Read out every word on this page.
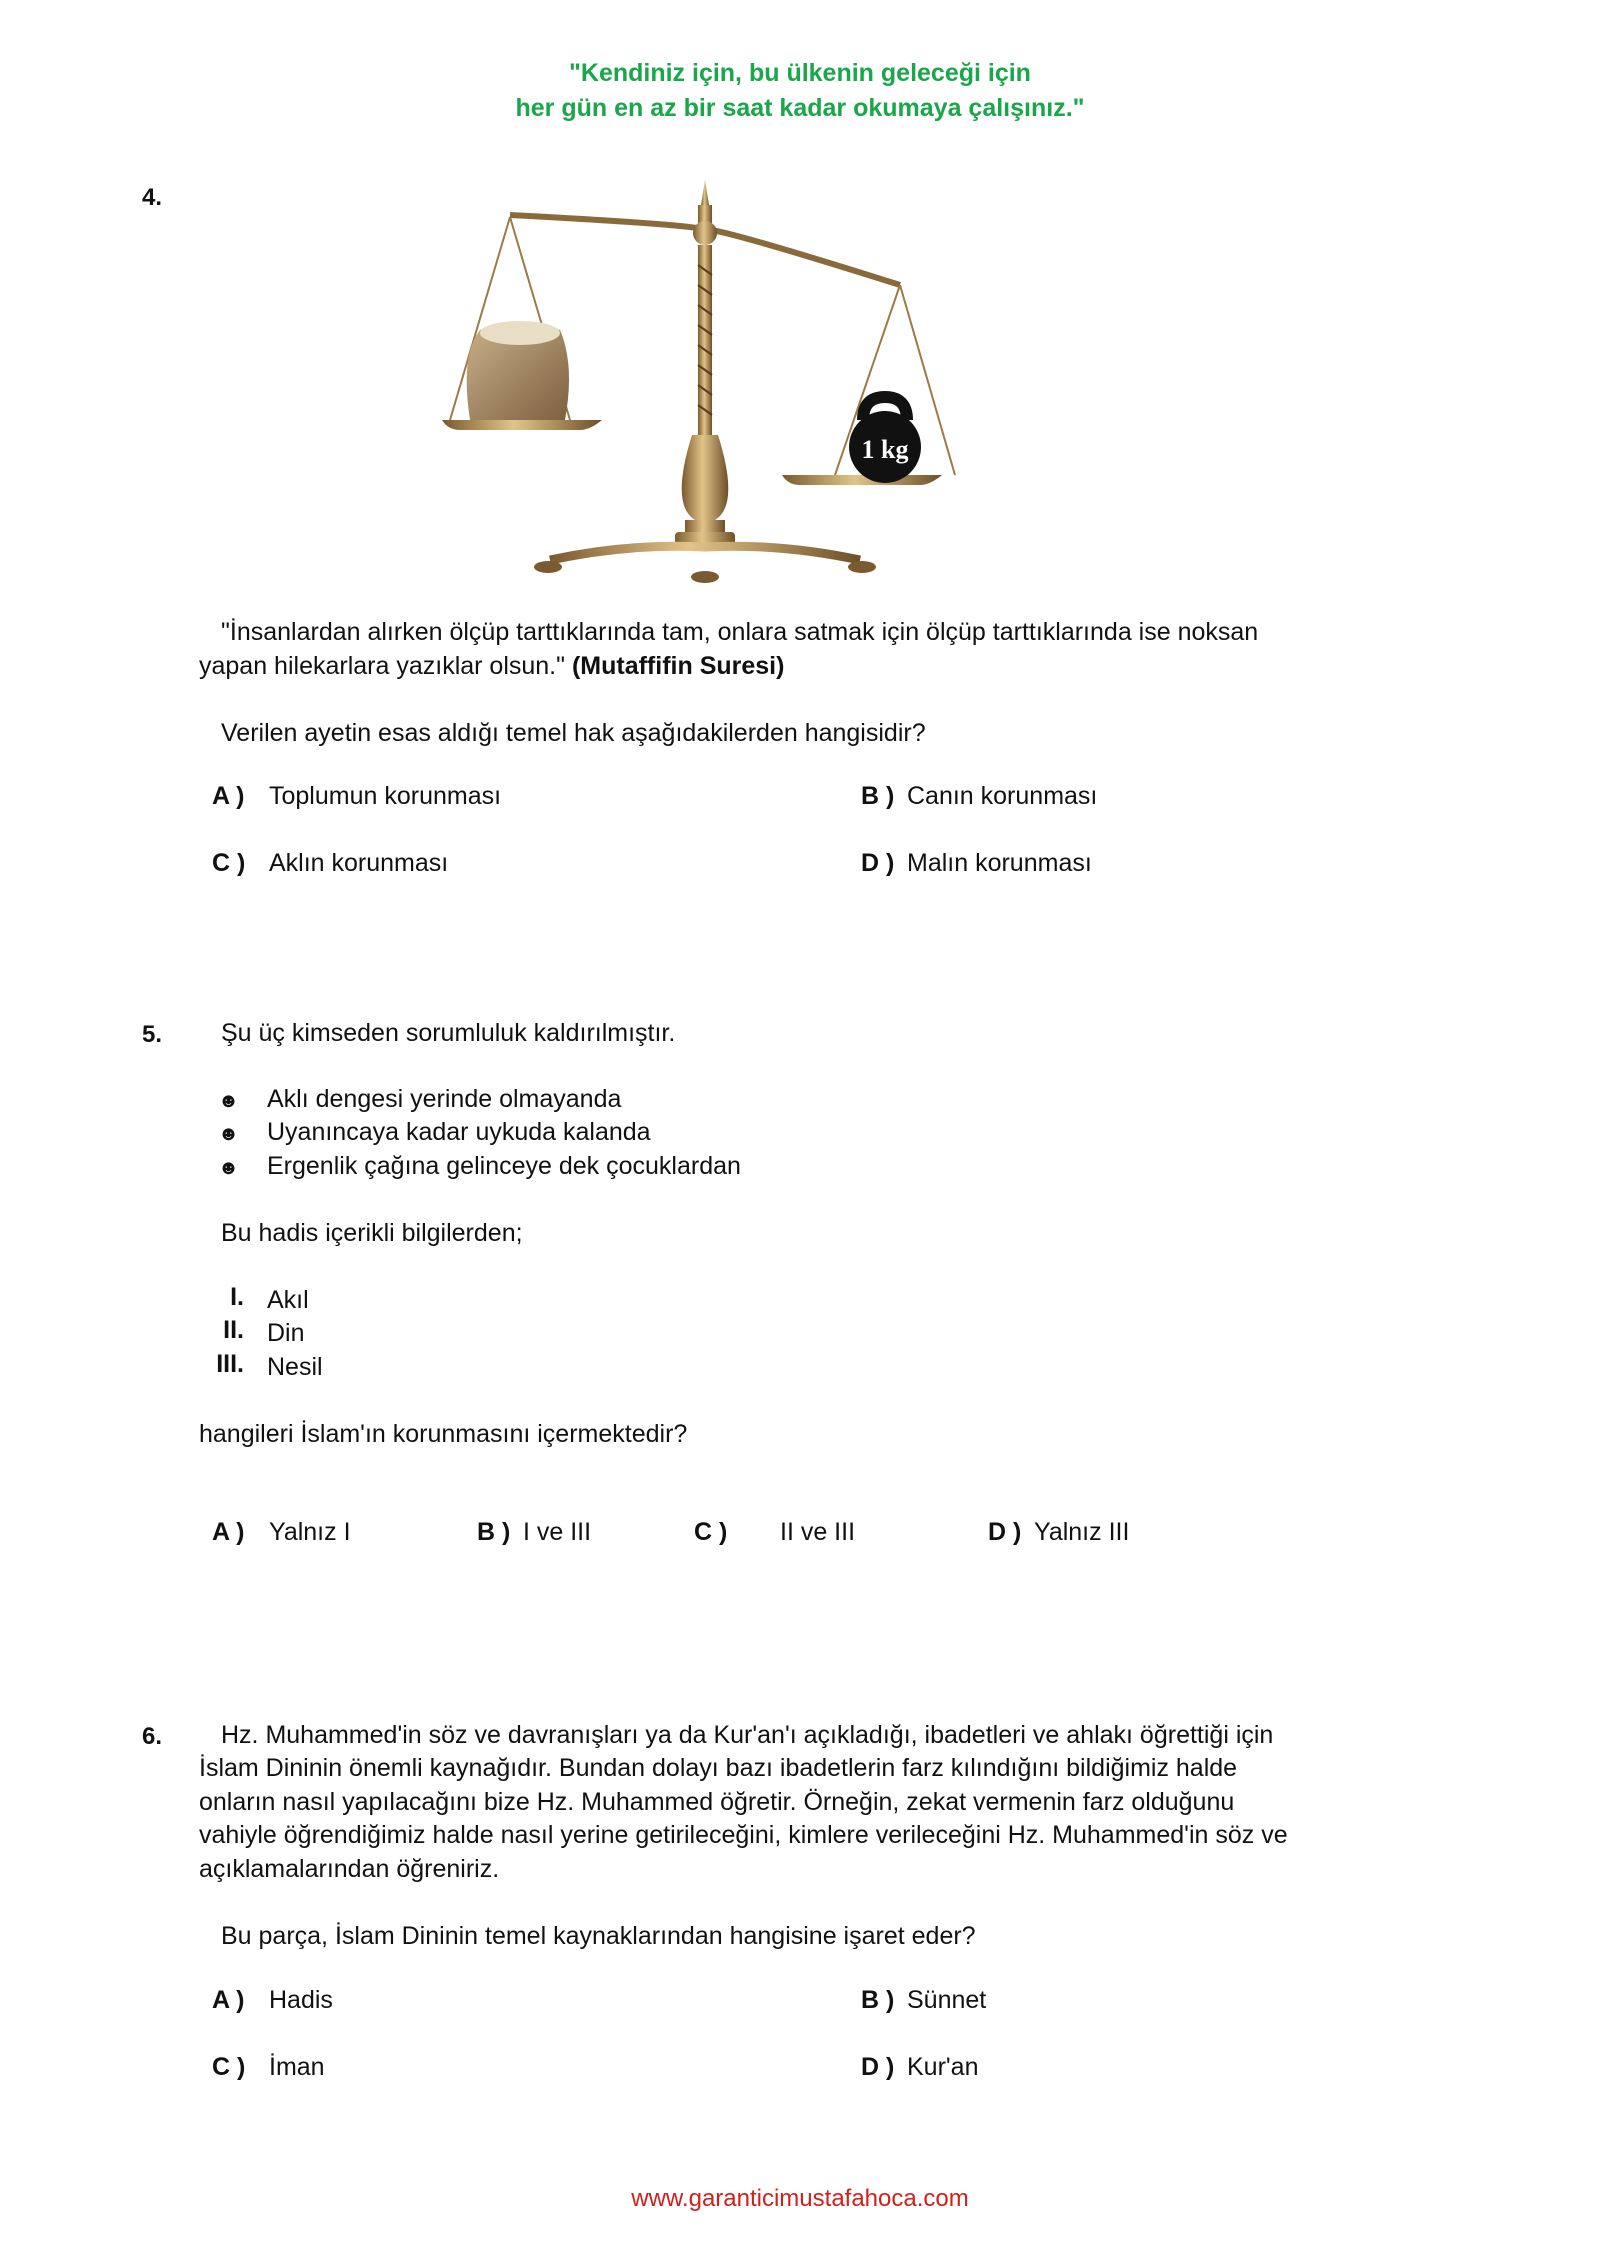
"Kendiniz için, bu ülkenin geleceği için
her gün en az bir saat kadar okumaya çalışınız."
4.
1 kg
"İnsanlardan alırken ölçüp tarttıklarında tam, onlara satmak için ölçüp tarttıklarında ise noksan
yapan hilekarlara yazıklar olsun." (Mutaffifin Suresi)
Verilen ayetin esas aldığı temel hak aşağıdakilerden hangisidir?
A ) Toplumun korunması	B ) Canın korunması
C ) Aklın korunması	D ) Malın korunması
5. Şu üç kimseden sorumluluk kaldırılmıştır.
☻ Aklı dengesi yerinde olmayanda
☻ Uyanıncaya kadar uykuda kalanda
☻ Ergenlik çağına gelinceye dek çocuklardan
Bu hadis içerikli bilgilerden;
I. Akıl
II. Din
III. Nesil
hangileri İslam'ın korunmasını içermektedir?
A ) Yalnız I	B ) I ve III	C ) II ve III	D ) Yalnız III
6. Hz. Muhammed'in söz ve davranışları ya da Kur'an'ı açıkladığı, ibadetleri ve ahlakı öğrettiği için
İslam Dininin önemli kaynağıdır. Bundan dolayı bazı ibadetlerin farz kılındığını bildiğimiz halde
onların nasıl yapılacağını bize Hz. Muhammed öğretir. Örneğin, zekat vermenin farz olduğunu
vahiyle öğrendiğimiz halde nasıl yerine getirileceğini, kimlere verileceğini Hz. Muhammed'in söz ve
açıklamalarından öğreniriz.
Bu parça, İslam Dininin temel kaynaklarından hangisine işaret eder?
A ) Hadis	B ) Sünnet
C ) İman	D ) Kur'an
www.garanticimustafahoca.com
